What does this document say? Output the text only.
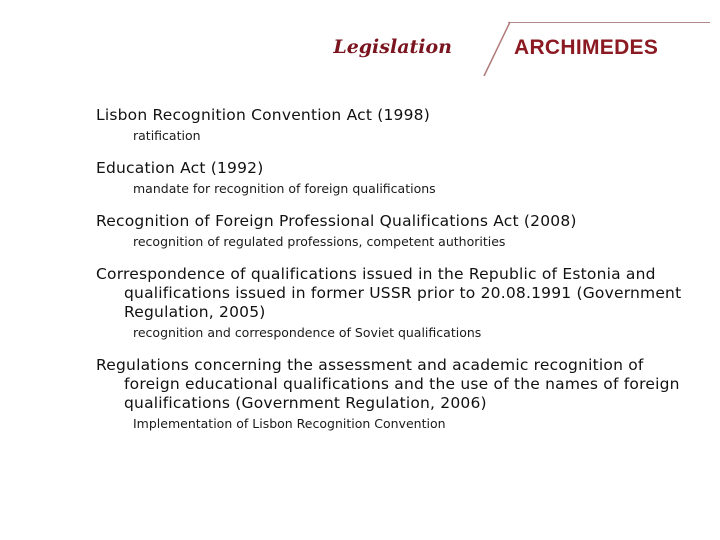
Legislation	ARCHIMEDES
Lisbon Recognition Convention Act (1998)
ratification
Education Act (1992)
mandate for recognition of foreign qualifications
Recognition of Foreign Professional Qualifications Act (2008)
recognition of regulated professions, competent authorities
Correspondence of qualifications issued in the Republic of Estonia and qualifications issued in former USSR prior to 20.08.1991 (Government Regulation, 2005)
recognition and correspondence of Soviet qualifications
Regulations concerning the assessment and academic recognition of foreign educational qualifications and the use of the names of foreign qualifications (Government Regulation, 2006)
Implementation of Lisbon Recognition Convention
